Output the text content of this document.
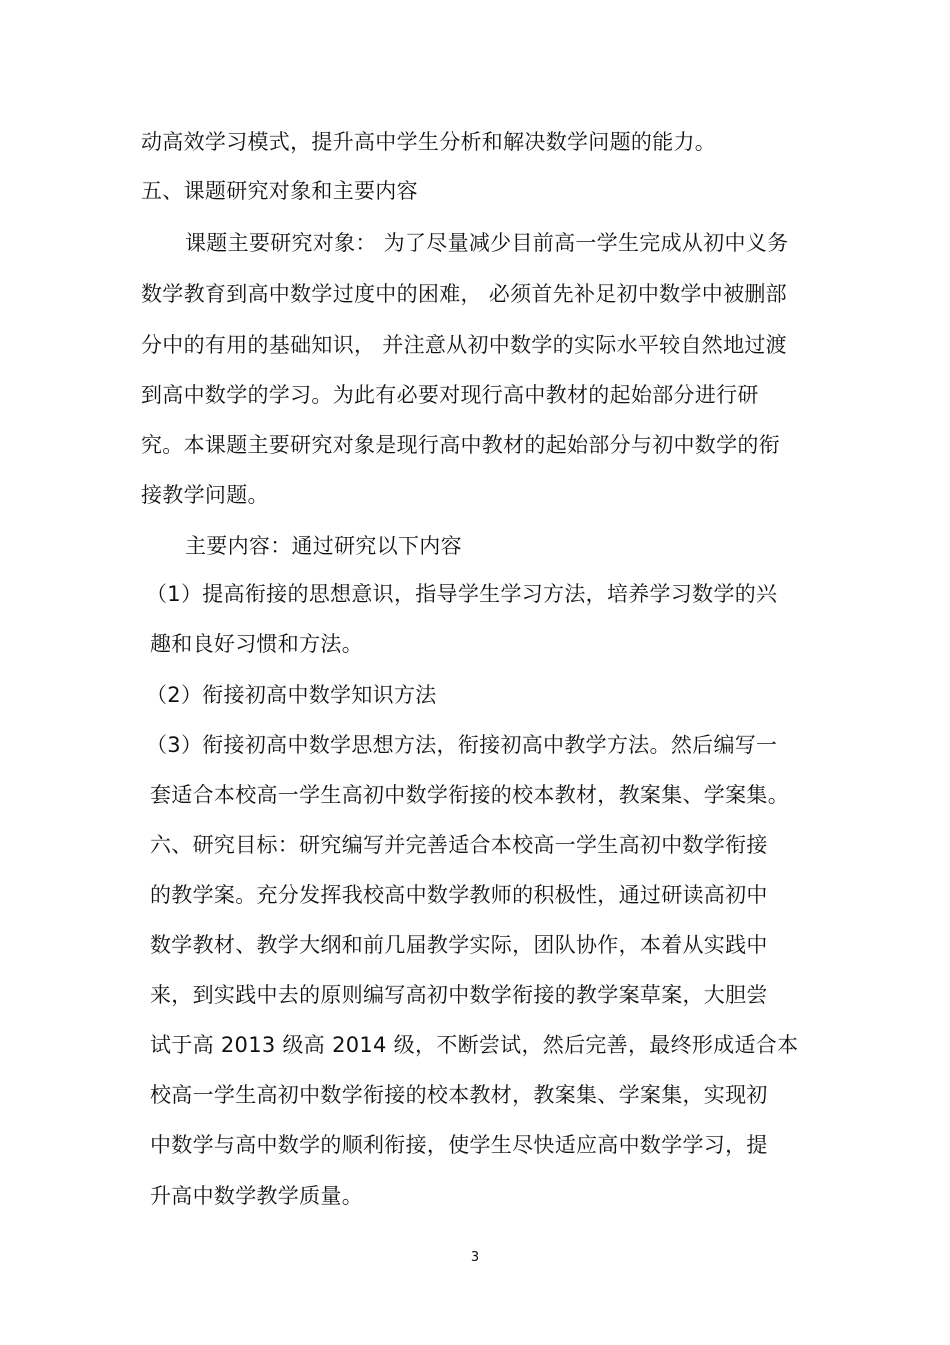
动高效学习模式，提升高中学生分析和解决数学问题的能力。
五、课题研究对象和主要内容
课题主要研究对象： 为了尽量减少目前高一学生完成从初中义务
数学教育到高中数学过度中的困难， 必须首先补足初中数学中被删部
分中的有用的基础知识， 并注意从初中数学的实际水平较自然地过渡
到高中数学的学习。为此有必要对现行高中教材的起始部分进行研
究。本课题主要研究对象是现行高中教材的起始部分与初中数学的衔
接教学问题。
主要内容：通过研究以下内容
（1）提高衔接的思想意识，指导学生学习方法，培养学习数学的兴
趣和良好习惯和方法。
（2）衔接初高中数学知识方法
（3）衔接初高中数学思想方法，衔接初高中教学方法。然后编写一
套适合本校高一学生高初中数学衔接的校本教材，教案集、学案集。
六、研究目标：研究编写并完善适合本校高一学生高初中数学衔接
的教学案。充分发挥我校高中数学教师的积极性，通过研读高初中
数学教材、教学大纲和前几届教学实际，团队协作，本着从实践中
来，到实践中去的原则编写高初中数学衔接的教学案草案，大胆尝
试于高 2013 级高 2014 级，不断尝试，然后完善，最终形成适合本
校高一学生高初中数学衔接的校本教材，教案集、学案集，实现初
中数学与高中数学的顺利衔接，使学生尽快适应高中数学学习，提
升高中数学教学质量。
3
